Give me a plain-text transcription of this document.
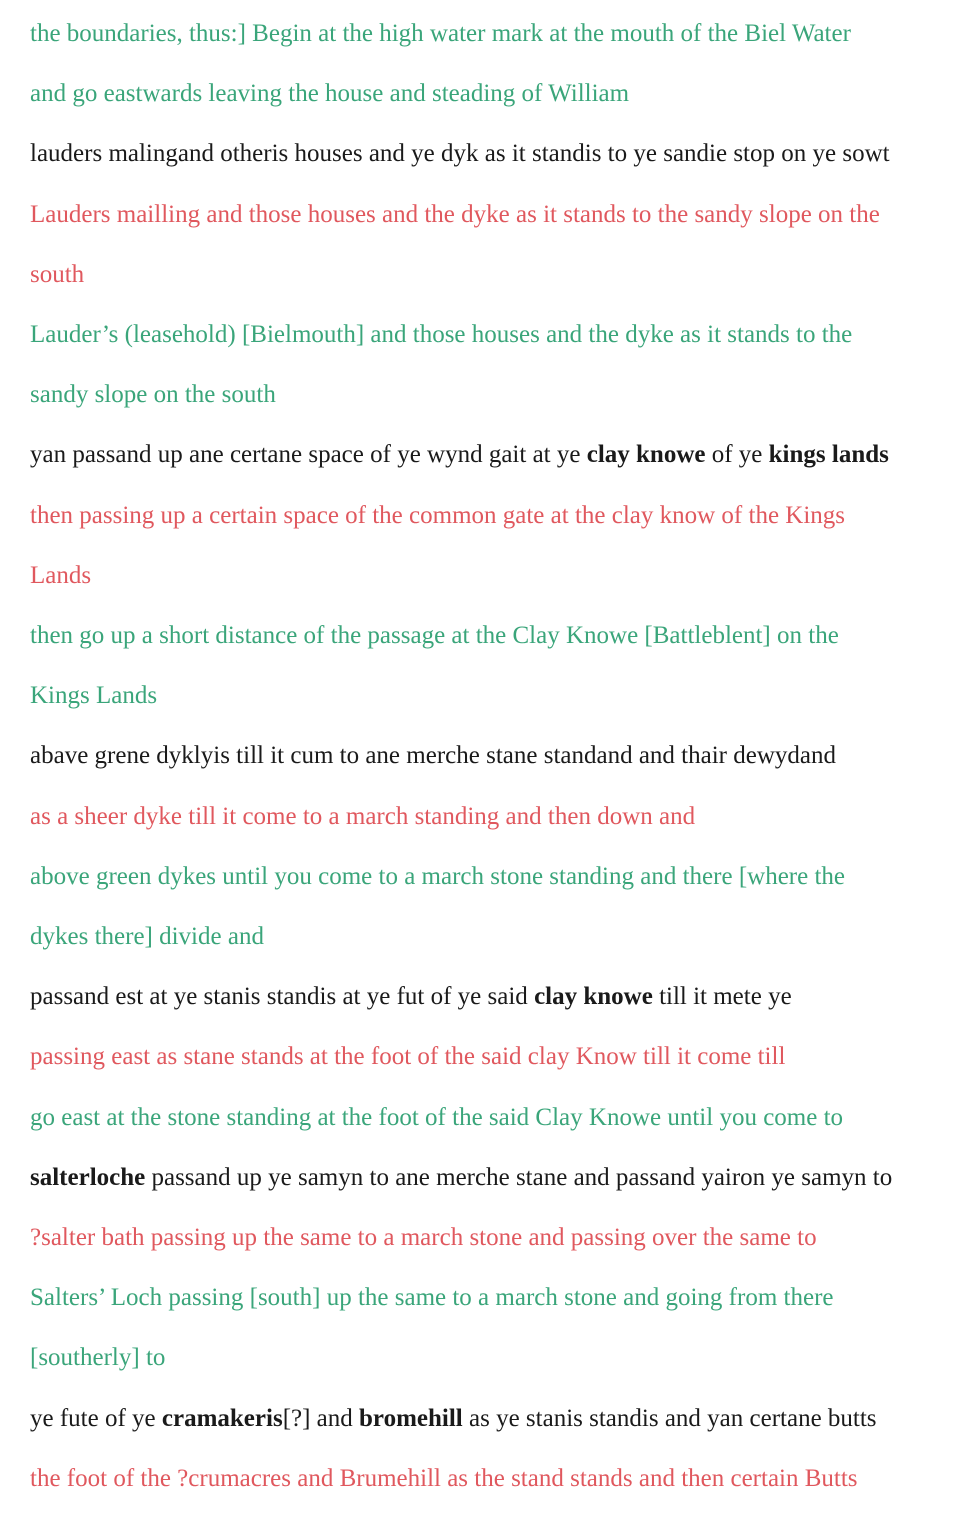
the boundaries, thus:] Begin at the high water mark at the mouth of the Biel Water
and go eastwards leaving the house and steading of William
lauders malingand otheris houses and ye dyk as it standis to ye sandie stop on ye sowt
Lauders mailling and those houses and the dyke as it stands to the sandy slope on the
south
Lauder’s (leasehold) [Bielmouth] and those houses and the dyke as it stands to the
sandy slope on the south
yan passand up ane certane space of ye wynd gait at ye clay knowe of ye kings lands
then passing up a certain space of the common gate at the clay know of the Kings
Lands
then go up a short distance of the passage at the Clay Knowe [Battleblent] on the
Kings Lands
abave grene dyklyis till it cum to ane merche stane standand and thair dewydand
as a sheer dyke till it come to a march standing and then down and
above green dykes until you come to a march stone standing and there [where the
dykes there] divide and
passand est at ye stanis standis at ye fut of ye said clay knowe till it mete ye
passing east as stane stands at the foot of the said clay Know till it come till
go east at the stone standing at the foot of the said Clay Knowe until you come to
salterloche passand up ye samyn to ane merche stane and passand yairon ye samyn to
?salter bath passing up the same to a march stone and passing over the same to
Salters’ Loch passing [south] up the same to a march stone and going from there
[southerly] to
ye fute of ye cramakeris[?] and bromehill as ye stanis standis and yan certane butts
the foot of the ?crumacres and Brumehill as the stand stands and then certain Butts
